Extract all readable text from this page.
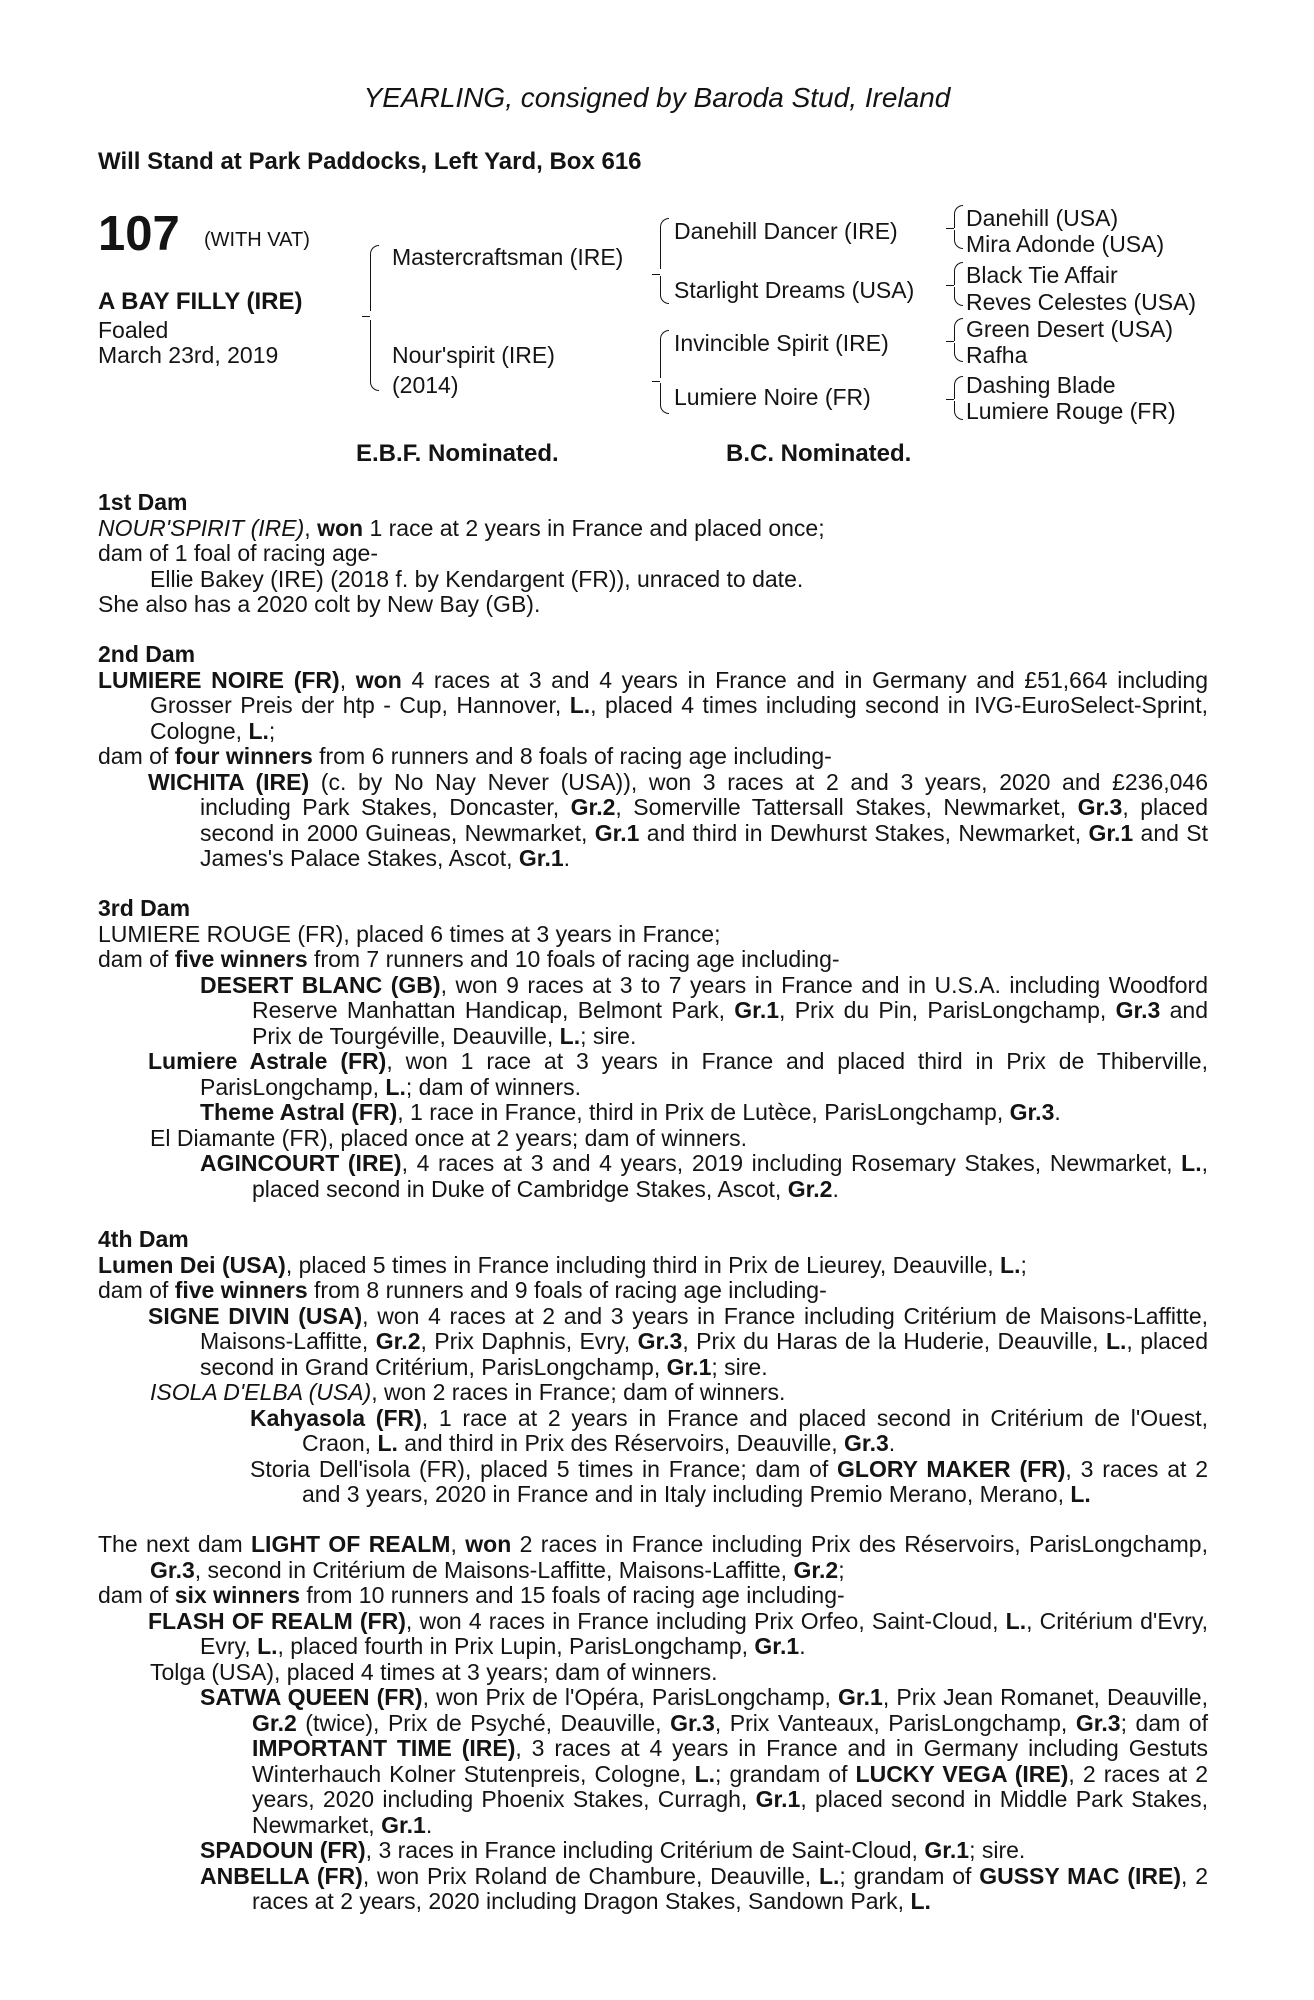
YEARLING, consigned by Baroda Stud, Ireland
Will Stand at Park Paddocks, Left Yard, Box 616
107 (WITH VAT)
A BAY FILLY (IRE)
Foaled
March 23rd, 2019
Mastercraftsman (IRE)
Nour'spirit (IRE)
(2014)
Danehill Dancer (IRE)
Starlight Dreams (USA)
Invincible Spirit (IRE)
Lumiere Noire (FR)
Danehill (USA)
Mira Adonde (USA)
Black Tie Affair
Reves Celestes (USA)
Green Desert (USA)
Rafha
Dashing Blade
Lumiere Rouge (FR)
E.B.F. Nominated.	B.C. Nominated.

1st Dam

NOUR'SPIRIT (IRE), won 1 race at 2 years in France and placed once;

dam of 1 foal of racing age-

Ellie Bakey (IRE) (2018 f. by Kendargent (FR)), unraced to date.

She also has a 2020 colt by New Bay (GB).

2nd Dam

LUMIERE NOIRE (FR), won 4 races at 3 and 4 years in France and in Germany and £51,664 including Grosser Preis der htp - Cup, Hannover, L., placed 4 times including second in IVG-EuroSelect-Sprint, Cologne, L.;

dam of four winners from 6 runners and 8 foals of racing age including-

WICHITA (IRE) (c. by No Nay Never (USA)), won 3 races at 2 and 3 years, 2020 and £236,046 including Park Stakes, Doncaster, Gr.2, Somerville Tattersall Stakes, Newmarket, Gr.3, placed second in 2000 Guineas, Newmarket, Gr.1 and third in Dewhurst Stakes, Newmarket, Gr.1 and St James's Palace Stakes, Ascot, Gr.1.

3rd Dam

LUMIERE ROUGE (FR), placed 6 times at 3 years in France;

dam of five winners from 7 runners and 10 foals of racing age including-

DESERT BLANC (GB), won 9 races at 3 to 7 years in France and in U.S.A. including Woodford Reserve Manhattan Handicap, Belmont Park, Gr.1, Prix du Pin, ParisLongchamp, Gr.3 and Prix de Tourgéville, Deauville, L.; sire.

Lumiere Astrale (FR), won 1 race at 3 years in France and placed third in Prix de Thiberville, ParisLongchamp, L.; dam of winners.

Theme Astral (FR), 1 race in France, third in Prix de Lutèce, ParisLongchamp, Gr.3.

El Diamante (FR), placed once at 2 years; dam of winners.

AGINCOURT (IRE), 4 races at 3 and 4 years, 2019 including Rosemary Stakes, Newmarket, L., placed second in Duke of Cambridge Stakes, Ascot, Gr.2.

4th Dam

Lumen Dei (USA), placed 5 times in France including third in Prix de Lieurey, Deauville, L.;

dam of five winners from 8 runners and 9 foals of racing age including-

SIGNE DIVIN (USA), won 4 races at 2 and 3 years in France including Critérium de Maisons-Laffitte, Maisons-Laffitte, Gr.2, Prix Daphnis, Evry, Gr.3, Prix du Haras de la Huderie, Deauville, L., placed second in Grand Critérium, ParisLongchamp, Gr.1; sire.

ISOLA D'ELBA (USA), won 2 races in France; dam of winners.

Kahyasola (FR), 1 race at 2 years in France and placed second in Critérium de l'Ouest, Craon, L. and third in Prix des Réservoirs, Deauville, Gr.3.

Storia Dell'isola (FR), placed 5 times in France; dam of GLORY MAKER (FR), 3 races at 2 and 3 years, 2020 in France and in Italy including Premio Merano, Merano, L.

The next dam LIGHT OF REALM, won 2 races in France including Prix des Réservoirs, ParisLongchamp, Gr.3, second in Critérium de Maisons-Laffitte, Maisons-Laffitte, Gr.2;

dam of six winners from 10 runners and 15 foals of racing age including-

FLASH OF REALM (FR), won 4 races in France including Prix Orfeo, Saint-Cloud, L., Critérium d'Evry, Evry, L., placed fourth in Prix Lupin, ParisLongchamp, Gr.1.

Tolga (USA), placed 4 times at 3 years; dam of winners.

SATWA QUEEN (FR), won Prix de l'Opéra, ParisLongchamp, Gr.1, Prix Jean Romanet, Deauville, Gr.2 (twice), Prix de Psyché, Deauville, Gr.3, Prix Vanteaux, ParisLongchamp, Gr.3; dam of IMPORTANT TIME (IRE), 3 races at 4 years in France and in Germany including Gestuts Winterhauch Kolner Stutenpreis, Cologne, L.; grandam of LUCKY VEGA (IRE), 2 races at 2 years, 2020 including Phoenix Stakes, Curragh, Gr.1, placed second in Middle Park Stakes, Newmarket, Gr.1.

SPADOUN (FR), 3 races in France including Critérium de Saint-Cloud, Gr.1; sire.

ANBELLA (FR), won Prix Roland de Chambure, Deauville, L.; grandam of GUSSY MAC (IRE), 2 races at 2 years, 2020 including Dragon Stakes, Sandown Park, L.
